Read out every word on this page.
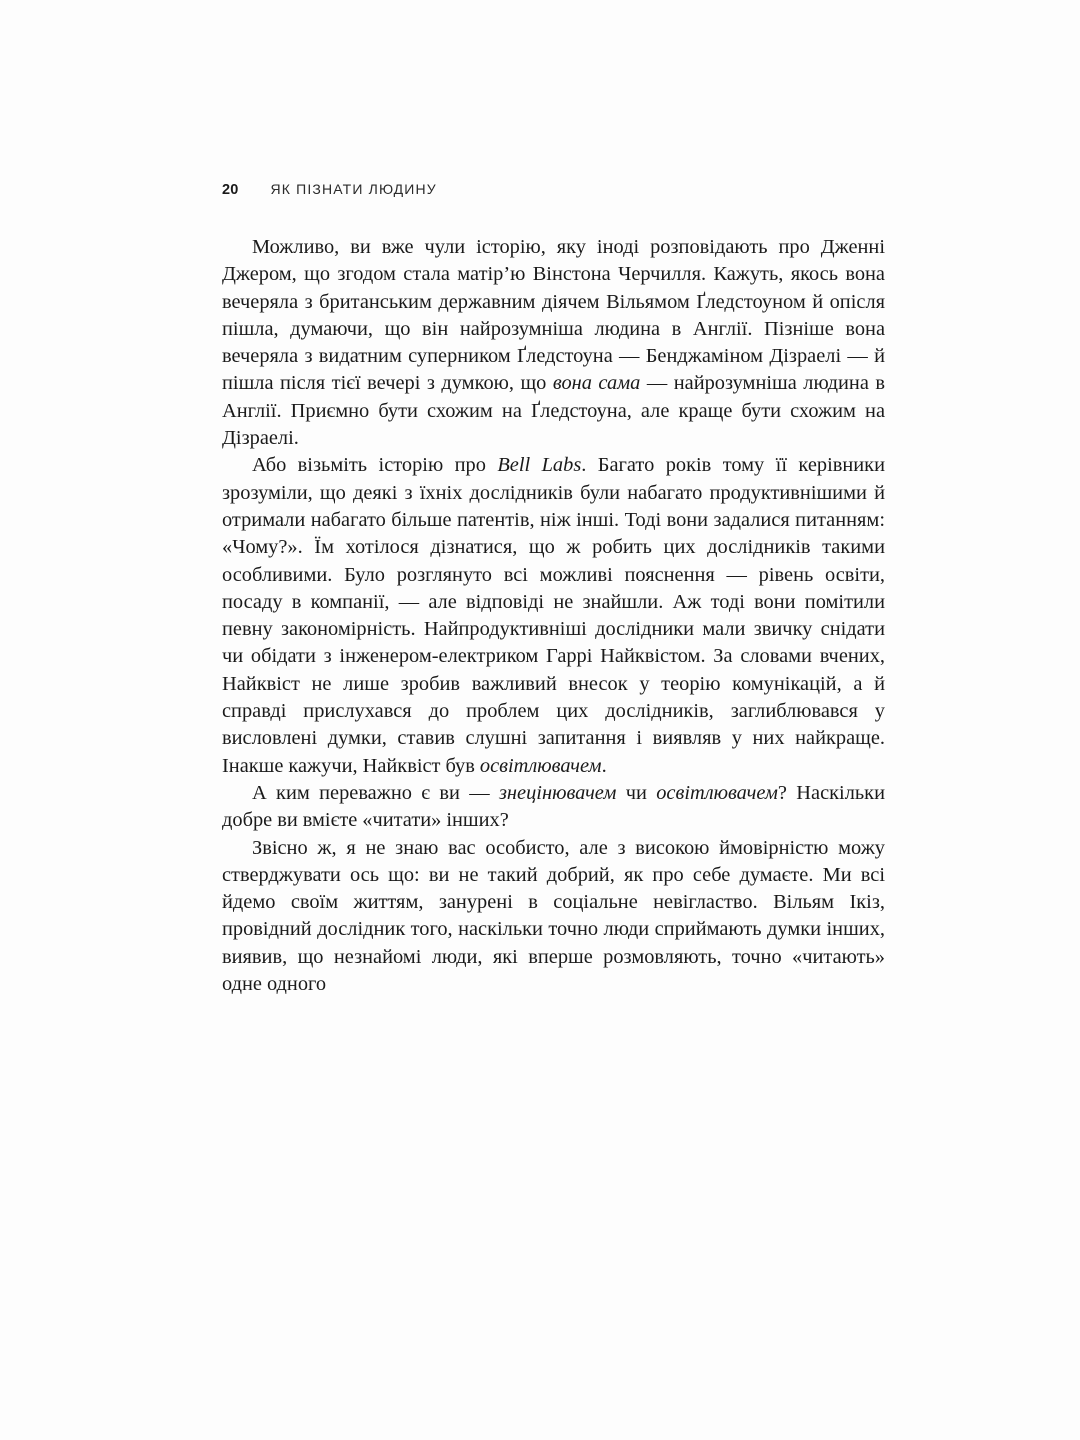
20 ЯК ПІЗНАТИ ЛЮДИНУ

Можливо, ви вже чули історію, яку іноді розповідають про Дженні Джером, що згодом стала матір’ю Вінстона Черчилля. Кажуть, якось вона вечеряла з британським державним діячем Вільямом Ґледстоуном й опісля пішла, думаючи, що він найрозумніша людина в Англії. Пізніше вона вечеряла з видатним суперником Ґледстоуна — Бенджаміном Дізраелі — й пішла після тієї вечері з думкою, що вона сама — найрозумніша людина в Англії. Приємно бути схожим на Ґледстоуна, але краще бути схожим на Дізраелі.

Або візьміть історію про Bell Labs. Багато років тому її керівники зрозуміли, що деякі з їхніх дослідників були набагато продуктивнішими й отримали набагато більше патентів, ніж інші. Тоді вони задалися питанням: «Чому?». Їм хотілося дізнатися, що ж робить цих дослідників такими особливими. Було розглянуто всі можливі пояснення — рівень освіти, посаду в компанії, — але відповіді не знайшли. Аж тоді вони помітили певну закономірність. Найпродуктивніші дослідники мали звичку снідати чи обідати з інженером-електриком Гаррі Найквістом. За словами вчених, Найквіст не лише зробив важливий внесок у теорію комунікацій, а й справді прислухався до проблем цих дослідників, заглиблювався у висловлені думки, ставив слушні запитання і виявляв у них найкраще. Інакше кажучи, Найквіст був освітлювачем.

А ким переважно є ви — знецінювачем чи освітлювачем? Наскільки добре ви вмієте «читати» інших?

Звісно ж, я не знаю вас особисто, але з високою ймовірністю можу стверджувати ось що: ви не такий добрий, як про себе думаєте. Ми всі йдемо своїм життям, занурені в соціальне невігластво. Вільям Ікіз, провідний дослідник того, наскільки точно люди сприймають думки інших, виявив, що незнайомі люди, які вперше розмовляють, точно «читають» одне одного
